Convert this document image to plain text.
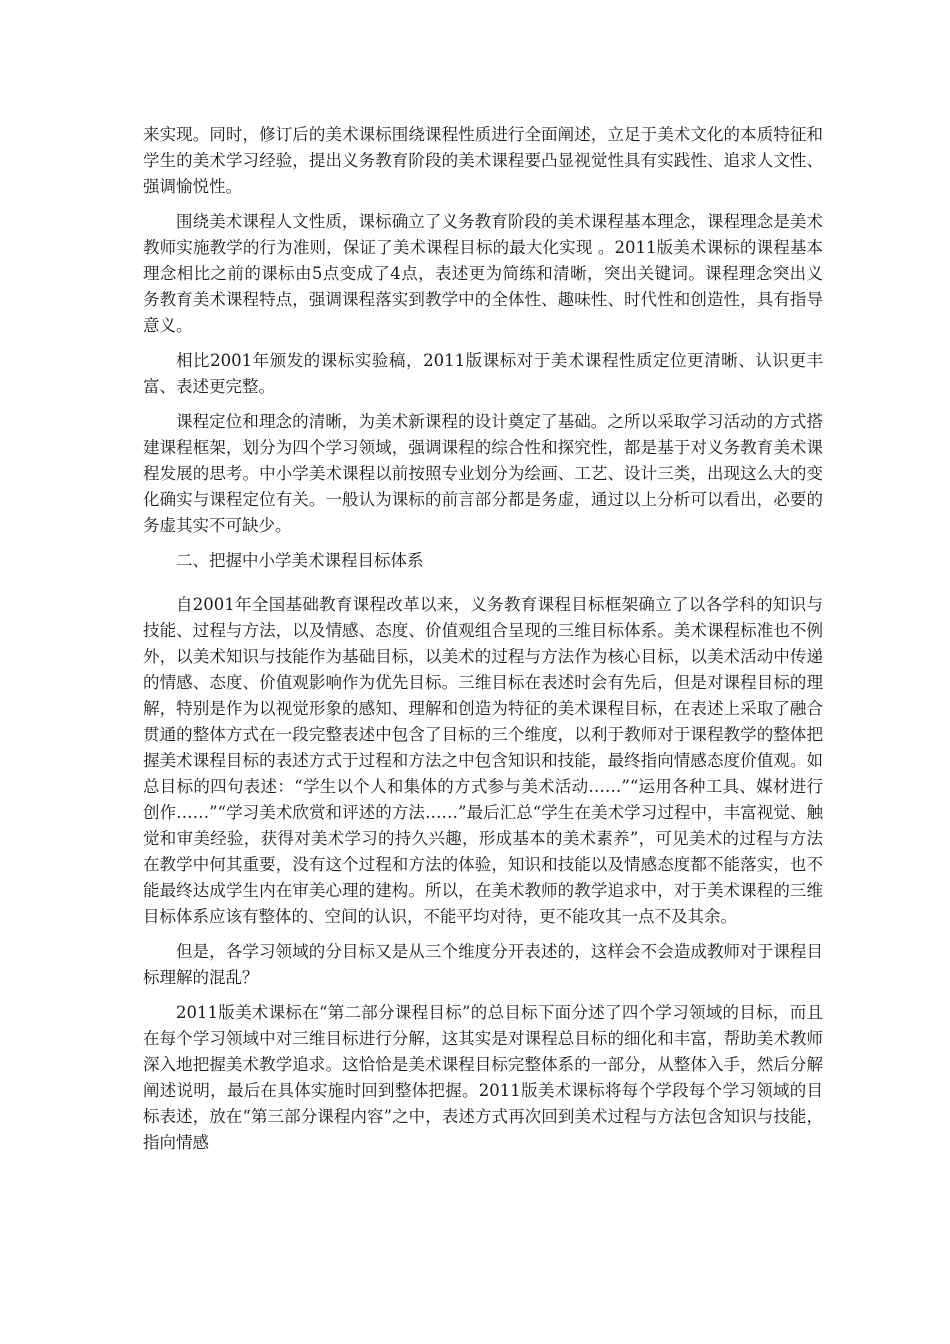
来实现。同时，修订后的美术课标围绕课程性质进行全面阐述，立足于美术文化的本质特征和学生的美术学习经验，提出义务教育阶段的美术课程要凸显视觉性具有实践性、追求人文性、强调愉悦性。

围绕美术课程人文性质，课标确立了义务教育阶段的美术课程基本理念，课程理念是美术教师实施教学的行为准则，保证了美术课程目标的最大化实现 。2011版美术课标的课程基本理念相比之前的课标由5点变成了4点，表述更为简练和清晰，突出关键词。课程理念突出义务教育美术课程特点，强调课程落实到教学中的全体性、趣味性、时代性和创造性，具有指导意义。

相比2001年颁发的课标实验稿，2011版课标对于美术课程性质定位更清晰、认识更丰富、表述更完整。

课程定位和理念的清晰，为美术新课程的设计奠定了基础。之所以采取学习活动的方式搭建课程框架，划分为四个学习领域，强调课程的综合性和探究性，都是基于对义务教育美术课程发展的思考。中小学美术课程以前按照专业划分为绘画、工艺、设计三类，出现这么大的变化确实与课程定位有关。一般认为课标的前言部分都是务虚，通过以上分析可以看出，必要的务虚其实不可缺少。

二、把握中小学美术课程目标体系

自2001年全国基础教育课程改革以来，义务教育课程目标框架确立了以各学科的知识与技能、过程与方法，以及情感、态度、价值观组合呈现的三维目标体系。美术课程标准也不例外，以美术知识与技能作为基础目标，以美术的过程与方法作为核心目标，以美术活动中传递的情感、态度、价值观影响作为优先目标。三维目标在表述时会有先后，但是对课程目标的理解，特别是作为以视觉形象的感知、理解和创造为特征的美术课程目标，在表述上采取了融合贯通的整体方式在一段完整表述中包含了目标的三个维度，以利于教师对于课程教学的整体把握美术课程目标的表述方式于过程和方法之中包含知识和技能，最终指向情感态度价值观。如总目标的四句表述：“学生以个人和集体的方式参与美术活动……”“运用各种工具、媒材进行创作……”“学习美术欣赏和评述的方法……”最后汇总“学生在美术学习过程中，丰富视觉、触觉和审美经验，获得对美术学习的持久兴趣，形成基本的美术素养”，可见美术的过程与方法在教学中何其重要，没有这个过程和方法的体验，知识和技能以及情感态度都不能落实，也不能最终达成学生内在审美心理的建构。所以，在美术教师的教学追求中，对于美术课程的三维目标体系应该有整体的、空间的认识，不能平均对待，更不能攻其一点不及其余。

但是，各学习领域的分目标又是从三个维度分开表述的，这样会不会造成教师对于课程目标理解的混乱？

2011版美术课标在“第二部分课程目标”的总目标下面分述了四个学习领域的目标，而且在每个学习领域中对三维目标进行分解，这其实是对课程总目标的细化和丰富，帮助美术教师深入地把握美术教学追求。这恰恰是美术课程目标完整体系的一部分，从整体入手，然后分解阐述说明，最后在具体实施时回到整体把握。2011版美术课标将每个学段每个学习领域的目标表述，放在“第三部分课程内容”之中，表述方式再次回到美术过程与方法包含知识与技能，指向情感
